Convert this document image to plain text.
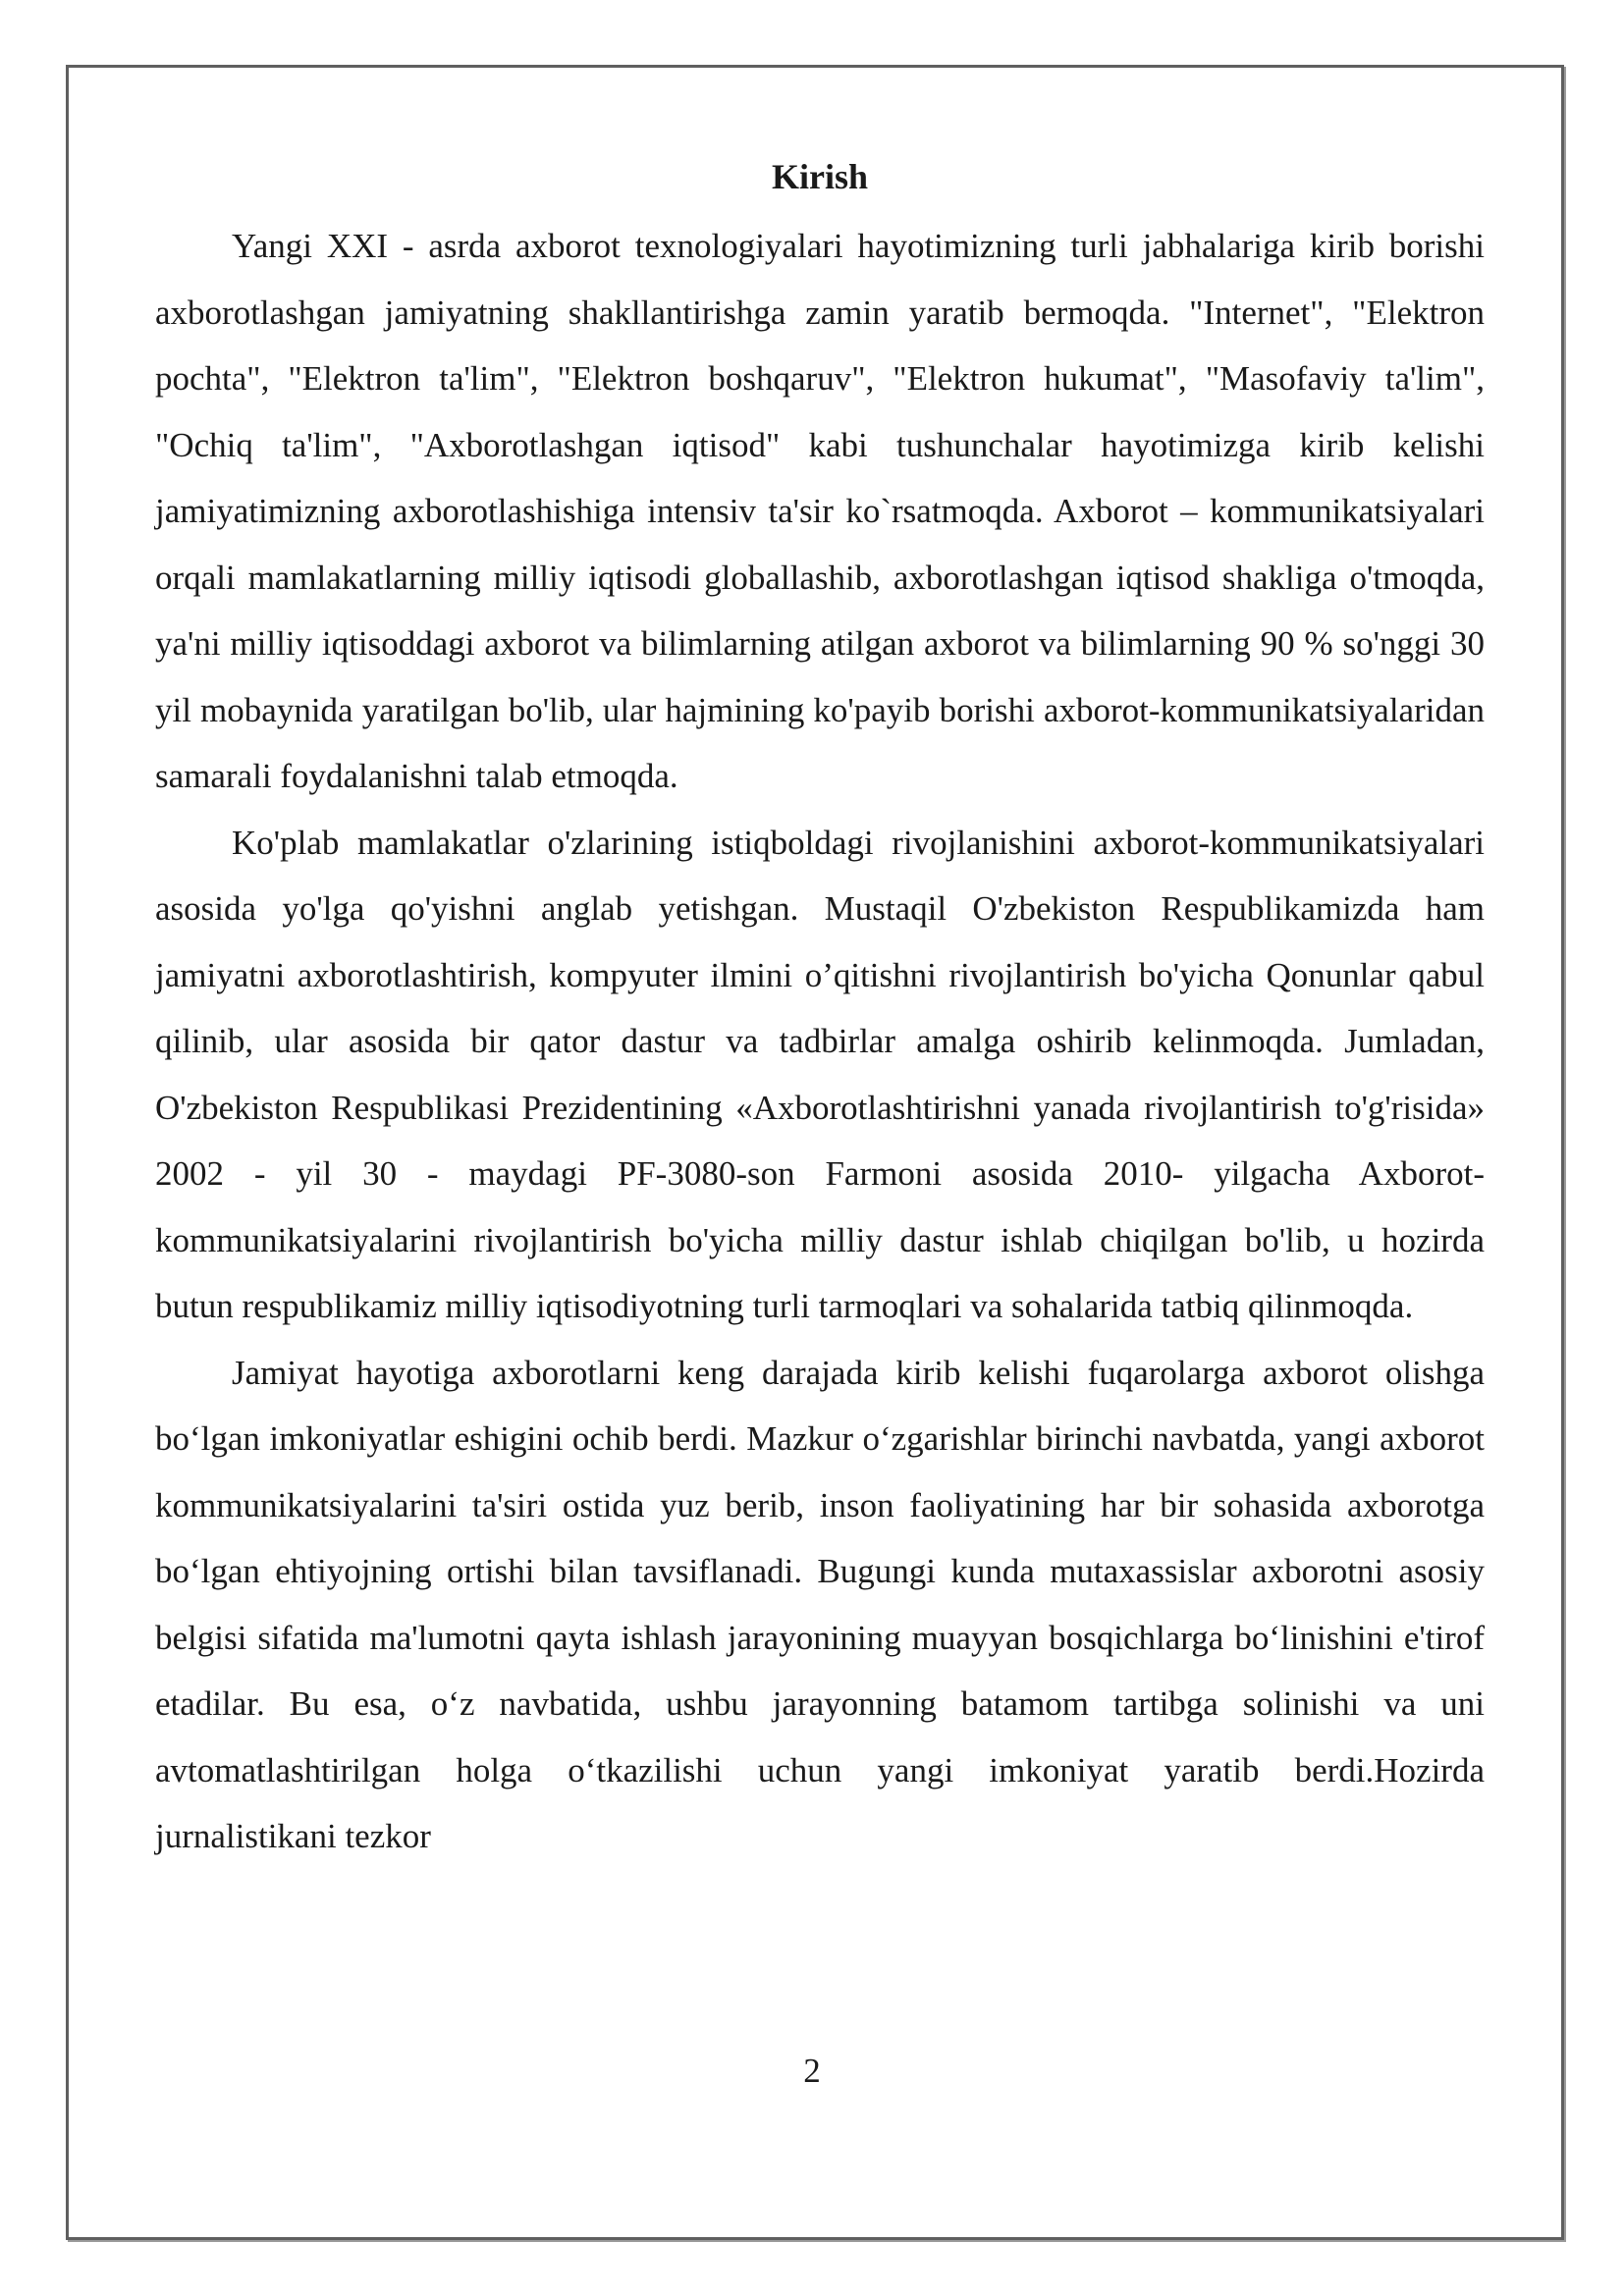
Kirish

Yangi XXI - asrda axborot texnologiyalari hayotimizning turli jabhalariga kirib borishi axborotlashgan jamiyatning shakllantirishga zamin yaratib bermoqda. "Internet", "Elektron pochta", "Elektron ta'lim", "Elektron boshqaruv", "Elektron hukumat", "Masofaviy ta'lim", "Ochiq ta'lim", "Axborotlashgan iqtisod" kabi tushunchalar hayotimizga kirib kelishi jamiyatimizning axborotlashishiga intensiv ta'sir ko`rsatmoqda. Axborot – kommunikatsiyalari orqali mamlakatlarning milliy iqtisodi globallashib, axborotlashgan iqtisod shakliga o'tmoqda, ya'ni milliy iqtisoddagi axborot va bilimlarning atilgan axborot va bilimlarning 90 % so'nggi 30 yil mobaynida yaratilgan bo'lib, ular hajmining ko'payib borishi axborot-kommunikatsiyalaridan samarali foydalanishni talab etmoqda.

Ko'plab mamlakatlar o'zlarining istiqboldagi rivojlanishini axborot-kommunikatsiyalari asosida yo'lga qo'yishni anglab yetishgan. Mustaqil O'zbekiston Respublikamizda ham jamiyatni axborotlashtirish, kompyuter ilmini o’qitishni rivojlantirish bo'yicha Qonunlar qabul qilinib, ular asosida bir qator dastur va tadbirlar amalga oshirib kelinmoqda. Jumladan, O'zbekiston Respublikasi Prezidentining «Axborotlashtirishni yanada rivojlantirish to'g'risida» 2002 - yil 30 - maydagi PF-3080-son Farmoni asosida 2010- yilgacha Axborot-kommunikatsiyalarini rivojlantirish bo'yicha milliy dastur ishlab chiqilgan bo'lib, u hozirda butun respublikamiz milliy iqtisodiyotning turli tarmoqlari va sohalarida tatbiq qilinmoqda.

Jamiyat hayotiga axborotlarni keng darajada kirib kelishi fuqarolarga axborot olishga bo‘lgan imkoniyatlar eshigini ochib berdi. Mazkur o‘zgarishlar birinchi navbatda, yangi axborot kommunikatsiyalarini ta'siri ostida yuz berib, inson faoliyatining har bir sohasida axborotga bo‘lgan ehtiyojning ortishi bilan tavsiflanadi. Bugungi kunda mutaxassislar axborotni asosiy belgisi sifatida ma'lumotni qayta ishlash jarayonining muayyan bosqichlarga bo‘linishini e'tirof etadilar. Bu esa, o‘z navbatida, ushbu jarayonning batamom tartibga solinishi va uni avtomatlashtirilgan holga o‘tkazilishi uchun yangi imkoniyat yaratib berdi.Hozirda jurnalistikani tezkor

2
